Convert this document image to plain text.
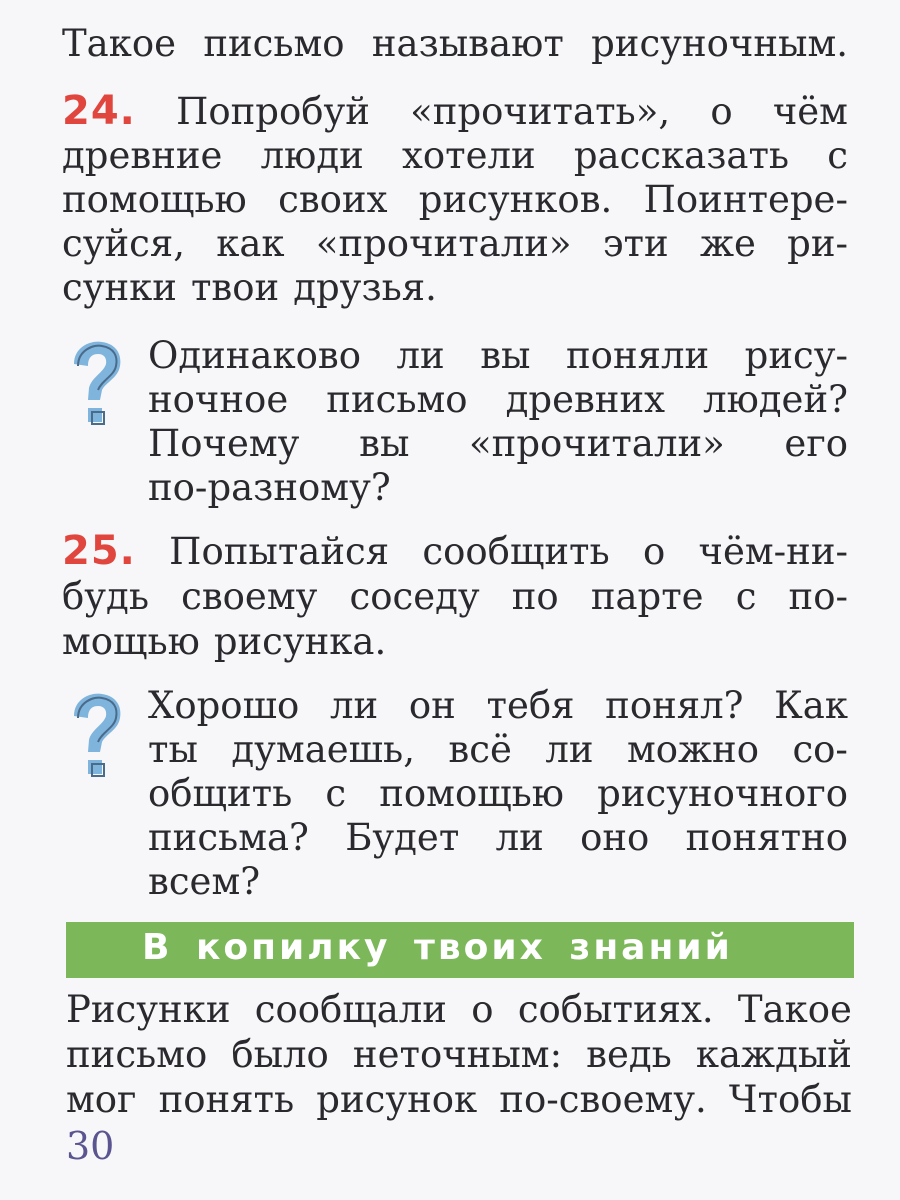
Такое письмо называют рисуночным.
24. Попробуй «прочитать», о чём
древние люди хотели рассказать с
помощью своих рисунков. Поинтере-
суйся, как «прочитали» эти же ри-
сунки твои друзья.
Одинаково ли вы поняли рису-
ночное письмо древних людей?
Почему вы «прочитали» его
по-разному?
25. Попытайся сообщить о чём-ни-
будь своему соседу по парте с по-
мощью рисунка.
Хорошо ли он тебя понял? Как
ты думаешь, всё ли можно со-
общить с помощью рисуночного
письма? Будет ли оно понятно
всем?
В копилку твоих знаний
Рисунки сообщали о событиях. Такое
письмо было неточным: ведь каждый
мог понять рисунок по-своему. Чтобы
30
